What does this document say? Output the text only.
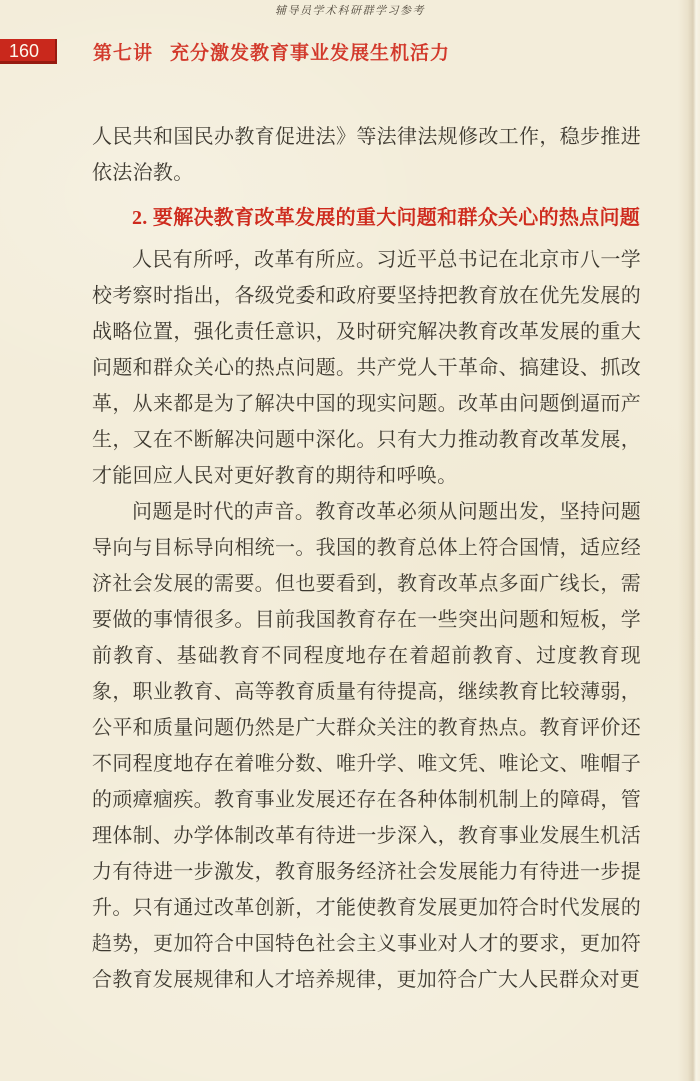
辅导员学术科研群学习参考
160	第七讲 充分激发教育事业发展生机活力

人民共和国民办教育促进法》等法律法规修改工作，稳步推进依法治教。

2. 要解决教育改革发展的重大问题和群众关心的热点问题

人民有所呼，改革有所应。习近平总书记在北京市八一学校考察时指出，各级党委和政府要坚持把教育放在优先发展的战略位置，强化责任意识，及时研究解决教育改革发展的重大问题和群众关心的热点问题。共产党人干革命、搞建设、抓改革，从来都是为了解决中国的现实问题。改革由问题倒逼而产生，又在不断解决问题中深化。只有大力推动教育改革发展，才能回应人民对更好教育的期待和呼唤。

问题是时代的声音。教育改革必须从问题出发，坚持问题导向与目标导向相统一。我国的教育总体上符合国情，适应经济社会发展的需要。但也要看到，教育改革点多面广线长，需要做的事情很多。目前我国教育存在一些突出问题和短板，学前教育、基础教育不同程度地存在着超前教育、过度教育现象，职业教育、高等教育质量有待提高，继续教育比较薄弱，公平和质量问题仍然是广大群众关注的教育热点。教育评价还不同程度地存在着唯分数、唯升学、唯文凭、唯论文、唯帽子的顽瘴痼疾。教育事业发展还存在各种体制机制上的障碍，管理体制、办学体制改革有待进一步深入，教育事业发展生机活力有待进一步激发，教育服务经济社会发展能力有待进一步提升。只有通过改革创新，才能使教育发展更加符合时代发展的趋势，更加符合中国特色社会主义事业对人才的要求，更加符合教育发展规律和人才培养规律，更加符合广大人民群众对更
